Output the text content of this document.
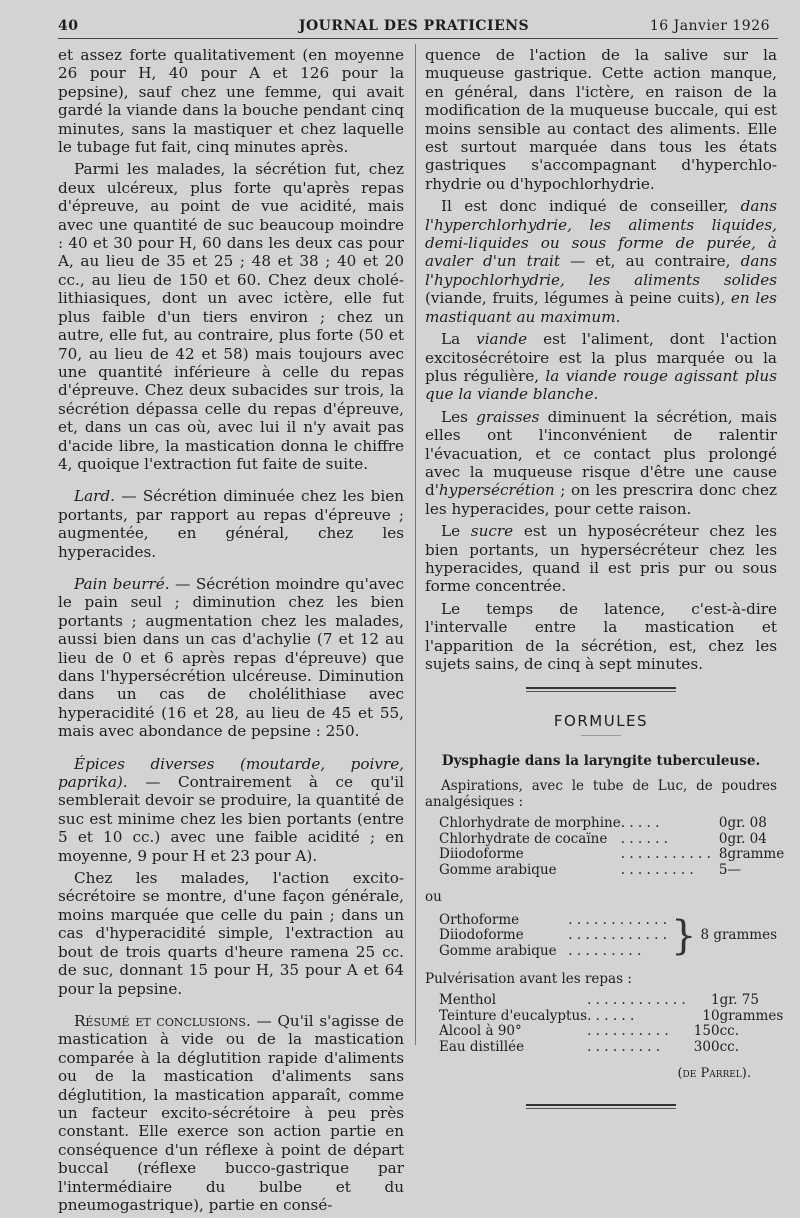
40	JOURNAL DES PRATICIENS	16 Janvier 1926

et assez forte qualitativement (en moyenne 26 pour H, 40 pour A et 126 pour la pepsine), sauf chez une femme, qui avait gardé la viande dans la bouche pendant cinq minutes, sans la mastiquer et chez laquelle le tubage fut fait, cinq minutes après.

Parmi les malades, la sécrétion fut, chez deux ulcéreux, plus forte qu'après repas d'épreuve, au point de vue acidité, mais avec une quantité de suc beaucoup moindre : 40 et 30 pour H, 60 dans les deux cas pour A, au lieu de 35 et 25 ; 48 et 38 ; 40 et 20 cc., au lieu de 150 et 60. Chez deux cholélithiasiques, dont un avec ictère, elle fut plus faible d'un tiers environ ; chez un autre, elle fut, au contraire, plus forte (50 et 70, au lieu de 42 et 58) mais toujours avec une quantité inférieure à celle du repas d'épreuve. Chez deux subacides sur trois, la sécrétion dépassa celle du repas d'épreuve, et, dans un cas où, avec lui il n'y avait pas d'acide libre, la mastication donna le chiffre 4, quoique l'extraction fut faite de suite.

Lard. — Sécrétion diminuée chez les bien portants, par rapport au repas d'épreuve ; augmentée, en général, chez les hyperacides.

Pain beurré. — Sécrétion moindre qu'avec le pain seul ; diminution chez les bien portants ; augmentation chez les malades, aussi bien dans un cas d'achylie (7 et 12 au lieu de 0 et 6 après repas d'épreuve) que dans l'hypersécrétion ulcéreuse. Diminution dans un cas de cholélithiase avec hyperacidité (16 et 28, au lieu de 45 et 55, mais avec abondance de pepsine : 250.

Épices diverses (moutarde, poivre, paprika). — Contrairement à ce qu'il semblerait devoir se produire, la quantité de suc est minime chez les bien portants (entre 5 et 10 cc.) avec une faible acidité ; en moyenne, 9 pour H et 23 pour A).

Chez les malades, l'action excito-sécrétoire se montre, d'une façon générale, moins marquée que celle du pain ; dans un cas d'hyperacidité simple, l'extraction au bout de trois quarts d'heure ramena 25 cc. de suc, donnant 15 pour H, 35 pour A et 64 pour la pepsine.

Résumé et conclusions. — Qu'il s'agisse de mastication à vide ou de la mastication comparée à la déglutition rapide d'aliments ou de la mastication d'aliments sans déglutition, la mastication apparaît, comme un facteur excito-sécrétoire à peu près constant. Elle exerce son action partie en conséquence d'un réflexe à point de départ buccal (réflexe bucco-gastrique par l'intermédiaire du bulbe et du pneumogastrique), partie en consé-

quence de l'action de la salive sur la muqueuse gastrique. Cette action manque, en général, dans l'ictère, en raison de la modification de la muqueuse buccale, qui est moins sensible au contact des aliments. Elle est surtout marquée dans tous les états gastriques s'accompagnant d'hyperchlorhydrie ou d'hypochlorhydrie.

Il est donc indiqué de conseiller, dans l'hyperchlorhydrie, les aliments liquides, demi-liquides ou sous forme de purée, à avaler d'un trait — et, au contraire, dans l'hypochlorhydrie, les aliments solides (viande, fruits, légumes à peine cuits), en les mastiquant au maximum.

La viande est l'aliment, dont l'action excitosécrétoire est la plus marquée ou la plus régulière, la viande rouge agissant plus que la viande blanche.

Les graisses diminuent la sécrétion, mais elles ont l'inconvénient de ralentir l'évacuation, et ce contact plus prolongé avec la muqueuse risque d'être une cause d'hypersécrétion ; on les prescrira donc chez les hyperacides, pour cette raison.

Le sucre est un hyposécréteur chez les bien portants, un hypersécréteur chez les hyperacides, quand il est pris pur ou sous forme concentrée.

Le temps de latence, c'est-à-dire l'intervalle entre la mastication et l'apparition de la sécrétion, est, chez les sujets sains, de cinq à sept minutes.

FORMULES
Dysphagie dans la laryngite tuberculeuse.
Aspirations, avec le tube de Luc, de poudres analgésiques :
Chlorhydrate de morphine	. . . . .	0	gr. 08
Chlorhydrate de cocaïne	. . . . . .	0	gr. 04
Diiodoforme	. . . . . . . . . . .	8	gramme
Gomme arabique	. . . . . . . . .	5	—
ou
Orthoforme	. . . . . . . . . . . .	}	8 grammes
Diiodoforme	. . . . . . . . . . . .		
Gomme arabique	. . . . . . . . .		
Pulvérisation avant les repas :
Menthol	. . . . . . . . . . . .	1	gr. 75
Teinture d'eucalyptus	. . . . . .	10	grammes
Alcool à 90°	. . . . . . . . . .	150	cc.
Eau distillée	. . . . . . . . .	300	cc.
(de Parrel).
